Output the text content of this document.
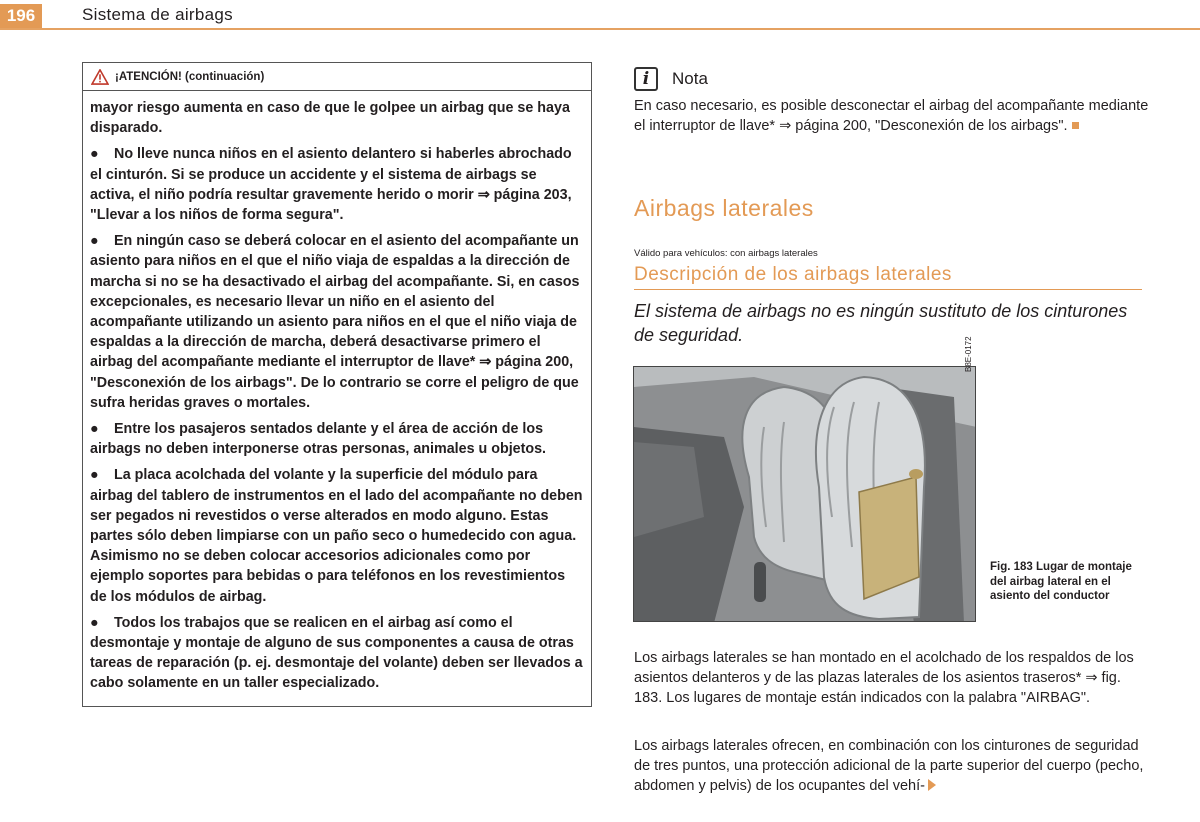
196	Sistema de airbags
¡ATENCIÓN! (continuación)

mayor riesgo aumenta en caso de que le golpee un airbag que se haya disparado.

● No lleve nunca niños en el asiento delantero si haberles abrochado el cinturón. Si se produce un accidente y el sistema de airbags se activa, el niño podría resultar gravemente herido o morir ⇒ página 203, "Llevar a los niños de forma segura".

● En ningún caso se deberá colocar en el asiento del acompañante un asiento para niños en el que el niño viaja de espaldas a la dirección de marcha si no se ha desactivado el airbag del acompañante. Si, en casos excepcionales, es necesario llevar un niño en el asiento del acompañante utilizando un asiento para niños en el que el niño viaja de espaldas a la dirección de marcha, deberá desactivarse primero el airbag del acompañante mediante el interruptor de llave* ⇒ página 200, "Desconexión de los airbags". De lo contrario se corre el peligro de que sufra heridas graves o mortales.

● Entre los pasajeros sentados delante y el área de acción de los airbags no deben interponerse otras personas, animales u objetos.

● La placa acolchada del volante y la superficie del módulo para airbag del tablero de instrumentos en el lado del acompañante no deben ser pegados ni revestidos o verse alterados en modo alguno. Estas partes sólo deben limpiarse con un paño seco o humedecido con agua. Asimismo no se deben colocar accesorios adicionales como por ejemplo soportes para bebidas o para teléfonos en los revestimientos de los módulos de airbag.

● Todos los trabajos que se realicen en el airbag así como el desmontaje y montaje de alguno de sus componentes a causa de otras tareas de reparación (p. ej. desmontaje del volante) deben ser llevados a cabo solamente en un taller especializado.

i	Nota
En caso necesario, es posible desconectar el airbag del acompañante mediante el interruptor de llave* ⇒ página 200, "Desconexión de los airbags".
Airbags laterales
Válido para vehículos: con airbags laterales
Descripción de los airbags laterales
El sistema de airbags no es ningún sustituto de los cinturones de seguridad.
B8E-0172
Fig. 183 Lugar de montaje del airbag lateral en el asiento del conductor
Los airbags laterales se han montado en el acolchado de los respaldos de los asientos delanteros y de las plazas laterales de los asientos traseros* ⇒ fig. 183. Los lugares de montaje están indicados con la palabra "AIRBAG".
Los airbags laterales ofrecen, en combinación con los cinturones de seguridad de tres puntos, una protección adicional de la parte superior del cuerpo (pecho, abdomen y pelvis) de los ocupantes del vehí-
